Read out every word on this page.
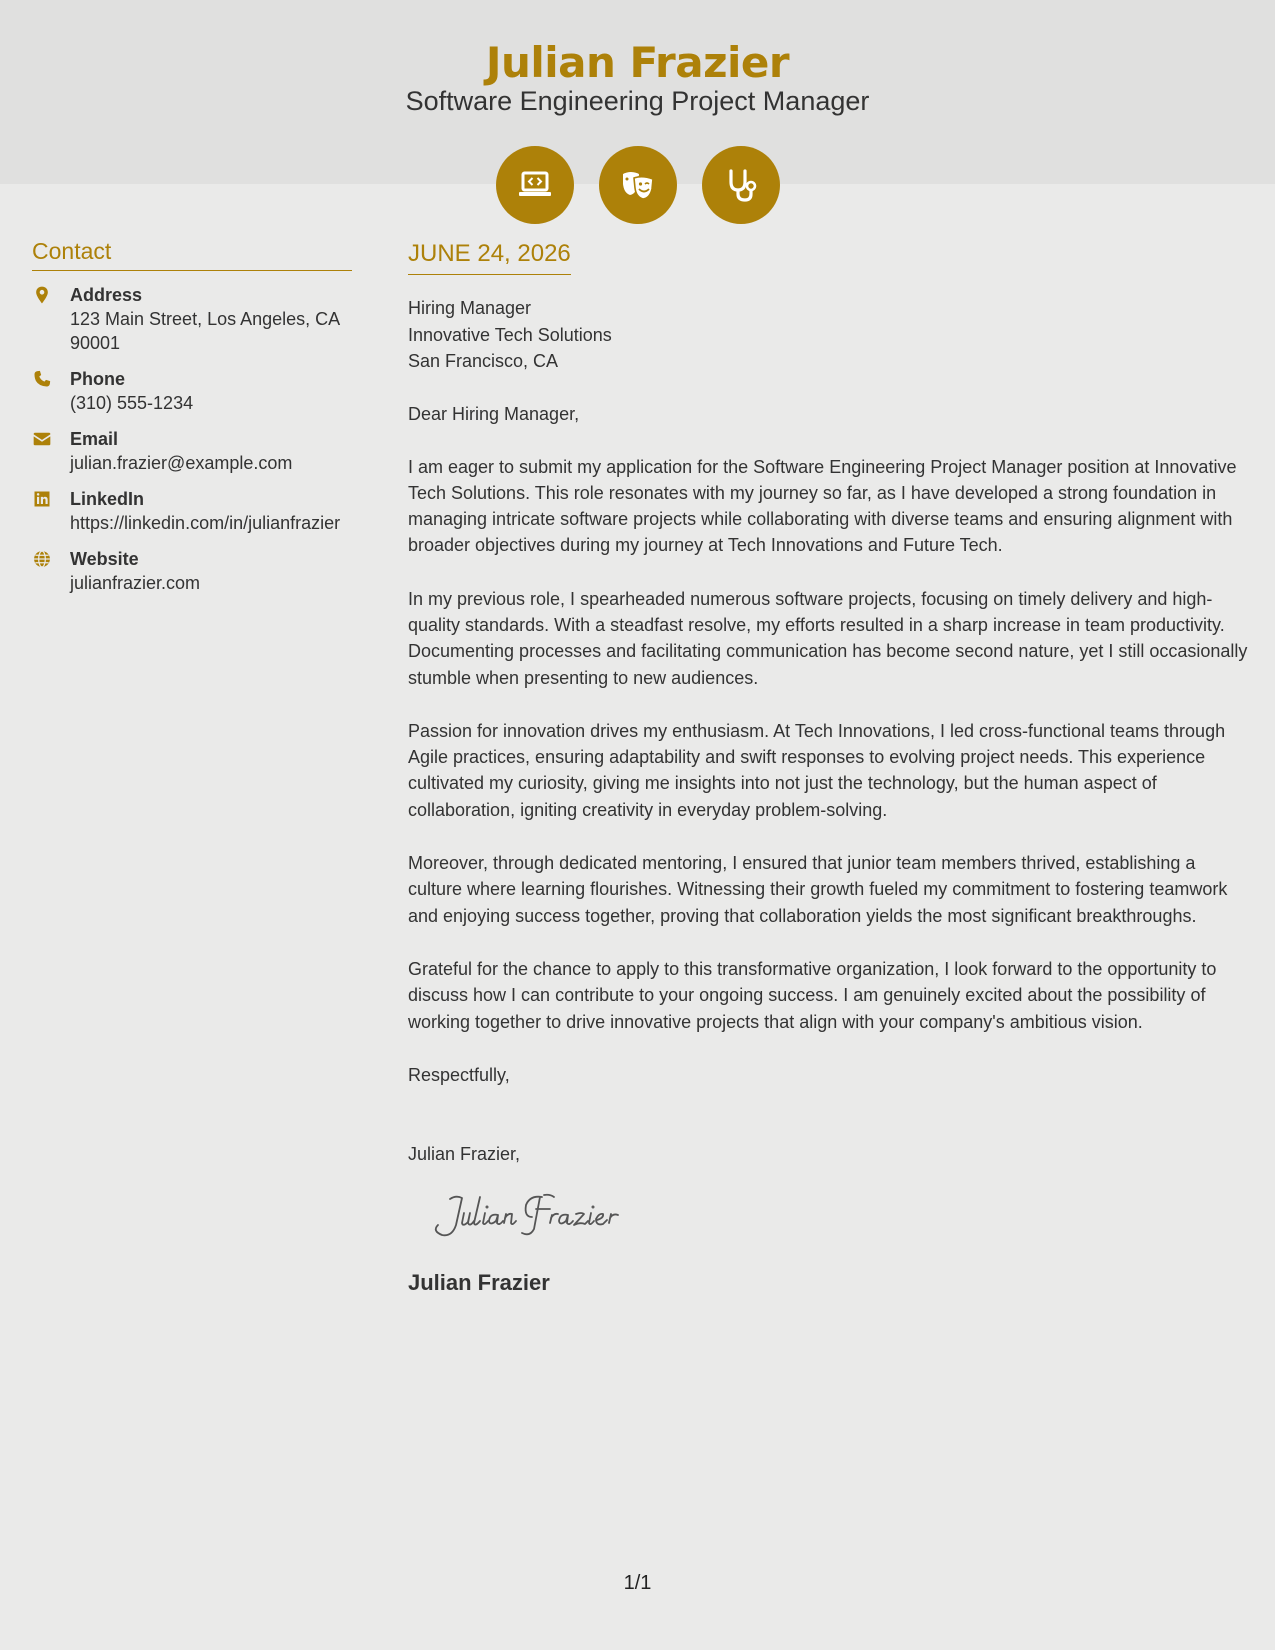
Julian Frazier
Software Engineering Project Manager
Contact
Address
123 Main Street, Los Angeles, CA 90001
Phone
(310) 555-1234
Email
julian.frazier@example.com
LinkedIn
https://linkedin.com/in/julianfrazier
Website
julianfrazier.com
JUNE 24, 2026
Hiring Manager
Innovative Tech Solutions
San Francisco, CA
Dear Hiring Manager,
I am eager to submit my application for the Software Engineering Project Manager position at Innovative Tech Solutions. This role resonates with my journey so far, as I have developed a strong foundation in managing intricate software projects while collaborating with diverse teams and ensuring alignment with broader objectives during my journey at Tech Innovations and Future Tech.
In my previous role, I spearheaded numerous software projects, focusing on timely delivery and high-quality standards. With a steadfast resolve, my efforts resulted in a sharp increase in team productivity. Documenting processes and facilitating communication has become second nature, yet I still occasionally stumble when presenting to new audiences.
Passion for innovation drives my enthusiasm. At Tech Innovations, I led cross-functional teams through Agile practices, ensuring adaptability and swift responses to evolving project needs. This experience cultivated my curiosity, giving me insights into not just the technology, but the human aspect of collaboration, igniting creativity in everyday problem-solving.
Moreover, through dedicated mentoring, I ensured that junior team members thrived, establishing a culture where learning flourishes. Witnessing their growth fueled my commitment to fostering teamwork and enjoying success together, proving that collaboration yields the most significant breakthroughs.
Grateful for the chance to apply to this transformative organization, I look forward to the opportunity to discuss how I can contribute to your ongoing success. I am genuinely excited about the possibility of working together to drive innovative projects that align with your company's ambitious vision.
Respectfully,
Julian Frazier,
Julian Frazier
1/1
